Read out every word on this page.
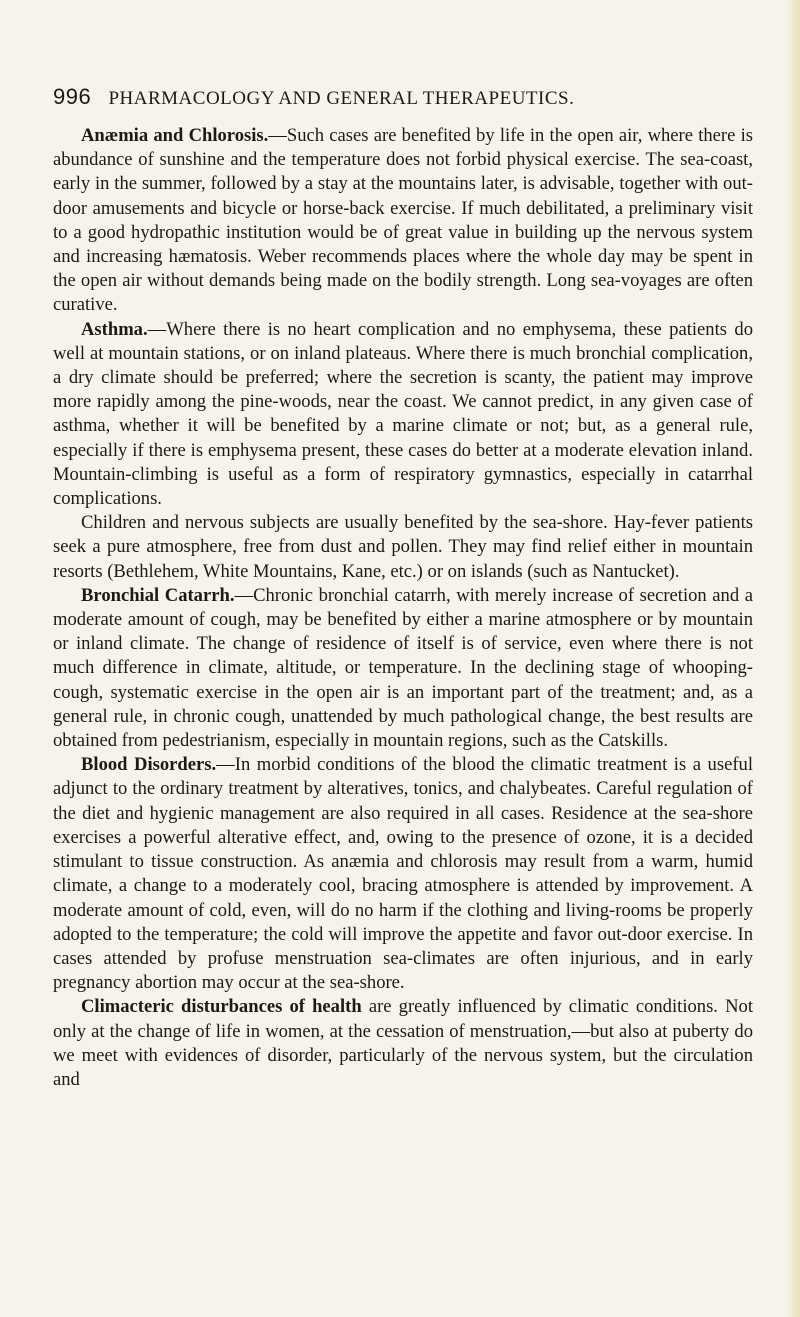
996 PHARMACOLOGY AND GENERAL THERAPEUTICS.

Anæmia and Chlorosis.—Such cases are benefited by life in the open air, where there is abundance of sunshine and the temperature does not forbid physical exercise. The sea-coast, early in the summer, followed by a stay at the mountains later, is advisable, together with out-door amusements and bicycle or horse-back exercise. If much debilitated, a preliminary visit to a good hydropathic institution would be of great value in building up the nervous system and increasing hæmatosis. Weber recommends places where the whole day may be spent in the open air without demands being made on the bodily strength. Long sea-voyages are often curative.

Asthma.—Where there is no heart complication and no emphysema, these patients do well at mountain stations, or on inland plateaus. Where there is much bronchial complication, a dry climate should be preferred; where the secretion is scanty, the patient may improve more rapidly among the pine-woods, near the coast. We cannot predict, in any given case of asthma, whether it will be benefited by a marine climate or not; but, as a general rule, especially if there is emphysema present, these cases do better at a moderate elevation inland. Mountain-climbing is useful as a form of respiratory gymnastics, especially in catarrhal complications.

Children and nervous subjects are usually benefited by the sea-shore. Hay-fever patients seek a pure atmosphere, free from dust and pollen. They may find relief either in mountain resorts (Bethlehem, White Mountains, Kane, etc.) or on islands (such as Nantucket).

Bronchial Catarrh.—Chronic bronchial catarrh, with merely increase of secretion and a moderate amount of cough, may be benefited by either a marine atmosphere or by mountain or inland climate. The change of residence of itself is of service, even where there is not much difference in climate, altitude, or temperature. In the declining stage of whooping-cough, systematic exercise in the open air is an important part of the treatment; and, as a general rule, in chronic cough, unattended by much pathological change, the best results are obtained from pedestrianism, especially in mountain regions, such as the Catskills.

Blood Disorders.—In morbid conditions of the blood the climatic treatment is a useful adjunct to the ordinary treatment by alteratives, tonics, and chalybeates. Careful regulation of the diet and hygienic management are also required in all cases. Residence at the sea-shore exercises a powerful alterative effect, and, owing to the presence of ozone, it is a decided stimulant to tissue construction. As anæmia and chlorosis may result from a warm, humid climate, a change to a moderately cool, bracing atmosphere is attended by improvement. A moderate amount of cold, even, will do no harm if the clothing and living-rooms be properly adopted to the temperature; the cold will improve the appetite and favor out-door exercise. In cases attended by profuse menstruation sea-climates are often injurious, and in early pregnancy abortion may occur at the sea-shore.

Climacteric disturbances of health are greatly influenced by climatic conditions. Not only at the change of life in women, at the cessation of menstruation,—but also at puberty do we meet with evidences of disorder, particularly of the nervous system, but the circulation and
